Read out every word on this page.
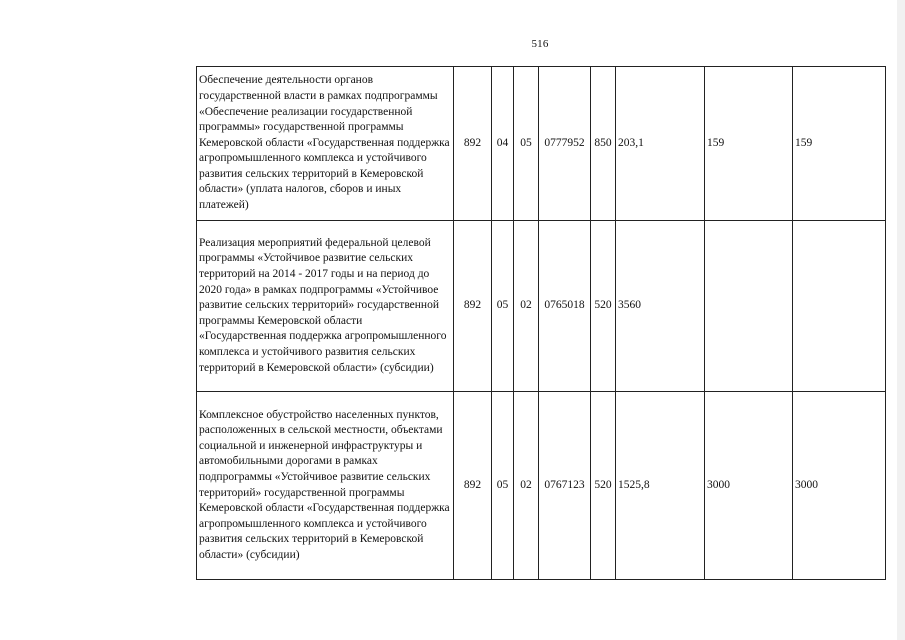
516
Обеспечение деятельности органов государственной власти в рамках подпрограммы «Обеспечение реализации государственной программы» государственной программы Кемеровской области «Государственная поддержка агропромышленного комплекса и устойчивого развития сельских территорий в Кемеровской области» (уплата налогов, сборов и иных платежей)	892	04	05	0777952	850	203,1	159	159
Реализация мероприятий федеральной целевой программы «Устойчивое развитие сельских территорий на 2014 - 2017 годы и на период до 2020 года» в рамках подпрограммы «Устойчивое развитие сельских территорий» государственной программы Кемеровской области «Государственная поддержка агропромышленного комплекса и устойчивого развития сельских территорий в Кемеровской области» (субсидии)	892	05	02	0765018	520	3560		
Комплексное обустройство населенных пунктов, расположенных в сельской местности, объектами социальной и инженерной инфраструктуры и автомобильными дорогами в рамках подпрограммы «Устойчивое развитие сельских территорий» государственной программы Кемеровской области «Государственная поддержка агропромышленного комплекса и устойчивого развития сельских территорий в Кемеровской области» (субсидии)	892	05	02	0767123	520	1525,8	3000	3000
